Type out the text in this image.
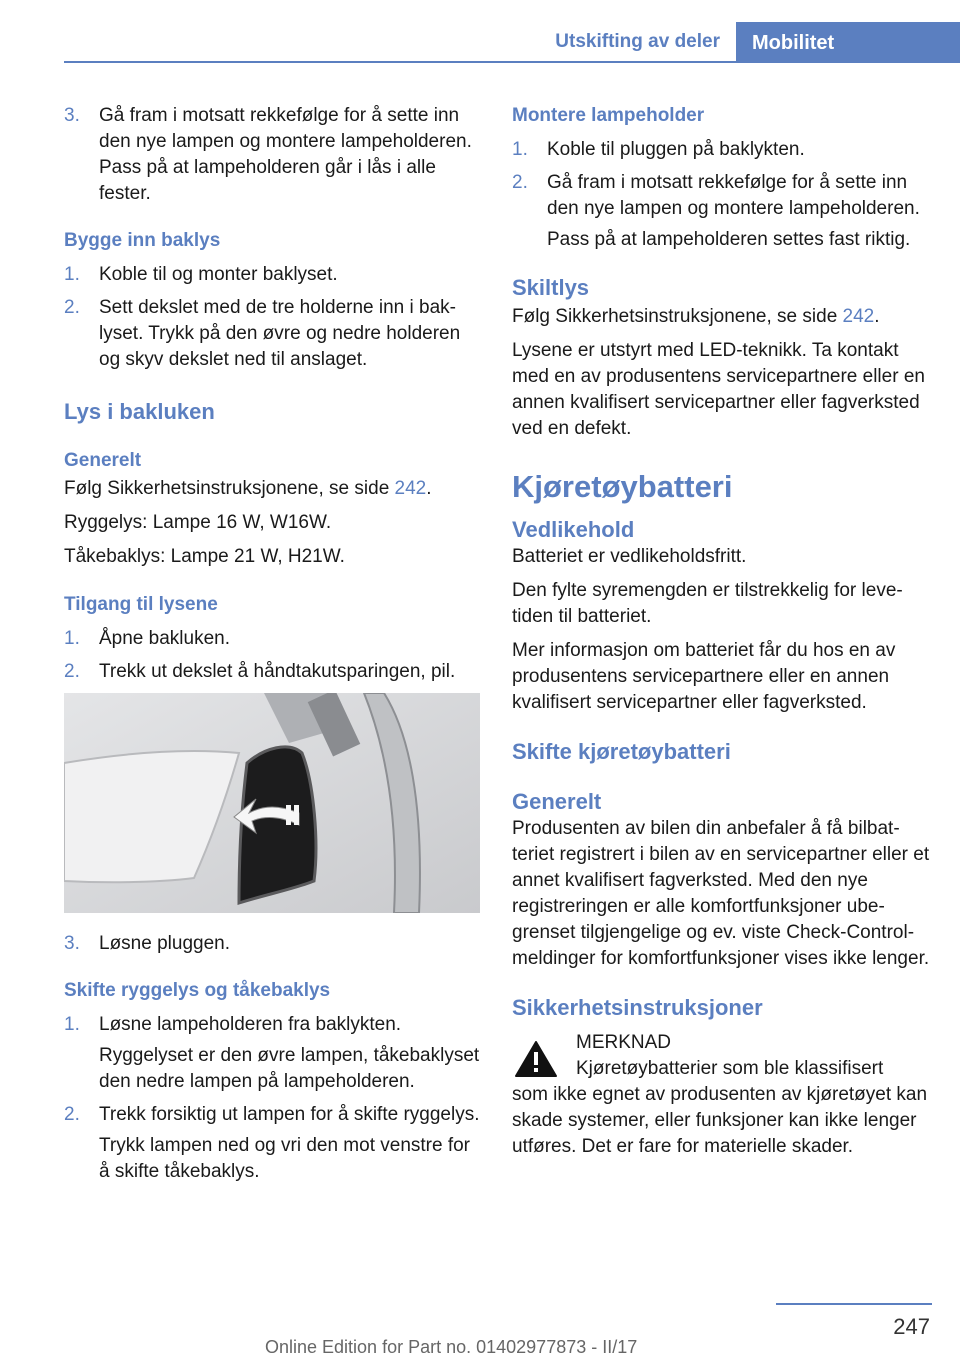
Utskifting av deler	Mobilitet
3. Gå fram i motsatt rekkefølge for å sette inn den nye lampen og montere lampeholderen. Pass på at lampeholderen går i lås i alle fester.
Bygge inn baklys
1. Koble til og monter baklyset.
2. Sett dekslet med de tre holderne inn i baklyset. Trykk på den øvre og nedre holderen og skyv dekslet ned til anslaget.
Lys i bakluken
Generelt
Følg Sikkerhetsinstruksjonene, se side 242.
Ryggelys: Lampe 16 W, W16W.
Tåkebaklys: Lampe 21 W, H21W.
Tilgang til lysene
1. Åpne bakluken.
2. Trekk ut dekslet å håndtakutsparingen, pil.
3. Løsne pluggen.
Skifte ryggelys og tåkebaklys
1. Løsne lampeholderen fra baklykten.
Ryggelyset er den øvre lampen, tåkebaklyset den nedre lampen på lampeholderen.
2. Trekk forsiktig ut lampen for å skifte ryggelys.
Trykk lampen ned og vri den mot venstre for å skifte tåkebaklys.
Montere lampeholder
1. Koble til pluggen på baklykten.
2. Gå fram i motsatt rekkefølge for å sette inn den nye lampen og montere lampeholderen.
Pass på at lampeholderen settes fast riktig.
Skiltlys
Følg Sikkerhetsinstruksjonene, se side 242.
Lysene er utstyrt med LED-teknikk. Ta kontakt med en av produsentens servicepartnere eller en annen kvalifisert servicepartner eller fagverksted ved en defekt.
Kjøretøybatteri
Vedlikehold
Batteriet er vedlikeholdsfritt.
Den fylte syremengden er tilstrekkelig for levetiden til batteriet.
Mer informasjon om batteriet får du hos en av produsentens servicepartnere eller en annen kvalifisert servicepartner eller fagverksted.
Skifte kjøretøybatteri
Generelt
Produsenten av bilen din anbefaler å få bilbatteriet registrert i bilen av en servicepartner eller et annet kvalifisert fagverksted. Med den nye registreringen er alle komfortfunksjoner ubegrenset tilgjengelige og ev. viste Check-Control-meldinger for komfortfunksjoner vises ikke lenger.
Sikkerhetsinstruksjoner
MERKNAD
Kjøretøybatterier som ble klassifisert
som ikke egnet av produsenten av kjøretøyet kan skade systemer, eller funksjoner kan ikke lenger utføres. Det er fare for materielle skader.
247
Online Edition for Part no. 01402977873 - II/17
